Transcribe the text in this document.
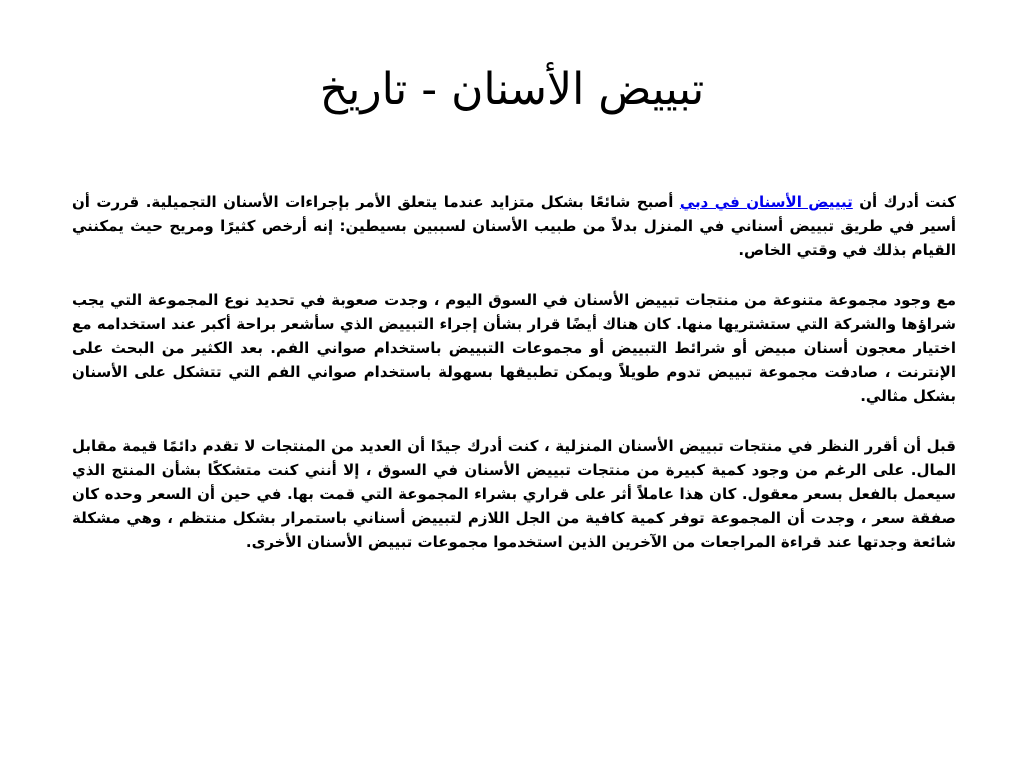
تبييض الأسنان - تاريخ

كنت أدرك أن تبييض الأسنان في دبي أصبح شائعًا بشكل متزايد عندما يتعلق الأمر بإجراءات الأسنان التجميلية. قررت أن أسير في طريق تبييض أسناني في المنزل بدلاً من طبيب الأسنان لسببين بسيطين: إنه أرخص كثيرًا ومريح حيث يمكنني القيام بذلك في وقتي الخاص.

مع وجود مجموعة متنوعة من منتجات تبييض الأسنان في السوق اليوم ، وجدت صعوبة في تحديد نوع المجموعة التي يجب شراؤها والشركة التي ستشتريها منها. كان هناك أيضًا قرار بشأن إجراء التبييض الذي سأشعر براحة أكبر عند استخدامه مع اختيار معجون أسنان مبيض أو شرائط التبييض أو مجموعات التبييض باستخدام صواني الفم. بعد الكثير من البحث على الإنترنت ، صادفت مجموعة تبييض تدوم طويلاً ويمكن تطبيقها بسهولة باستخدام صواني الفم التي تتشكل على الأسنان بشكل مثالي.

قبل أن أقرر النظر في منتجات تبييض الأسنان المنزلية ، كنت أدرك جيدًا أن العديد من المنتجات لا تقدم دائمًا قيمة مقابل المال. على الرغم من وجود كمية كبيرة من منتجات تبييض الأسنان في السوق ، إلا أنني كنت متشككًا بشأن المنتج الذي سيعمل بالفعل بسعر معقول. كان هذا عاملاً أثر على قراري بشراء المجموعة التي قمت بها. في حين أن السعر وحده كان صفقة سعر ، وجدت أن المجموعة توفر كمية كافية من الجل اللازم لتبييض أسناني باستمرار بشكل منتظم ، وهي مشكلة شائعة وجدتها عند قراءة المراجعات من الآخرين الذين استخدموا مجموعات تبييض الأسنان الأخرى.
